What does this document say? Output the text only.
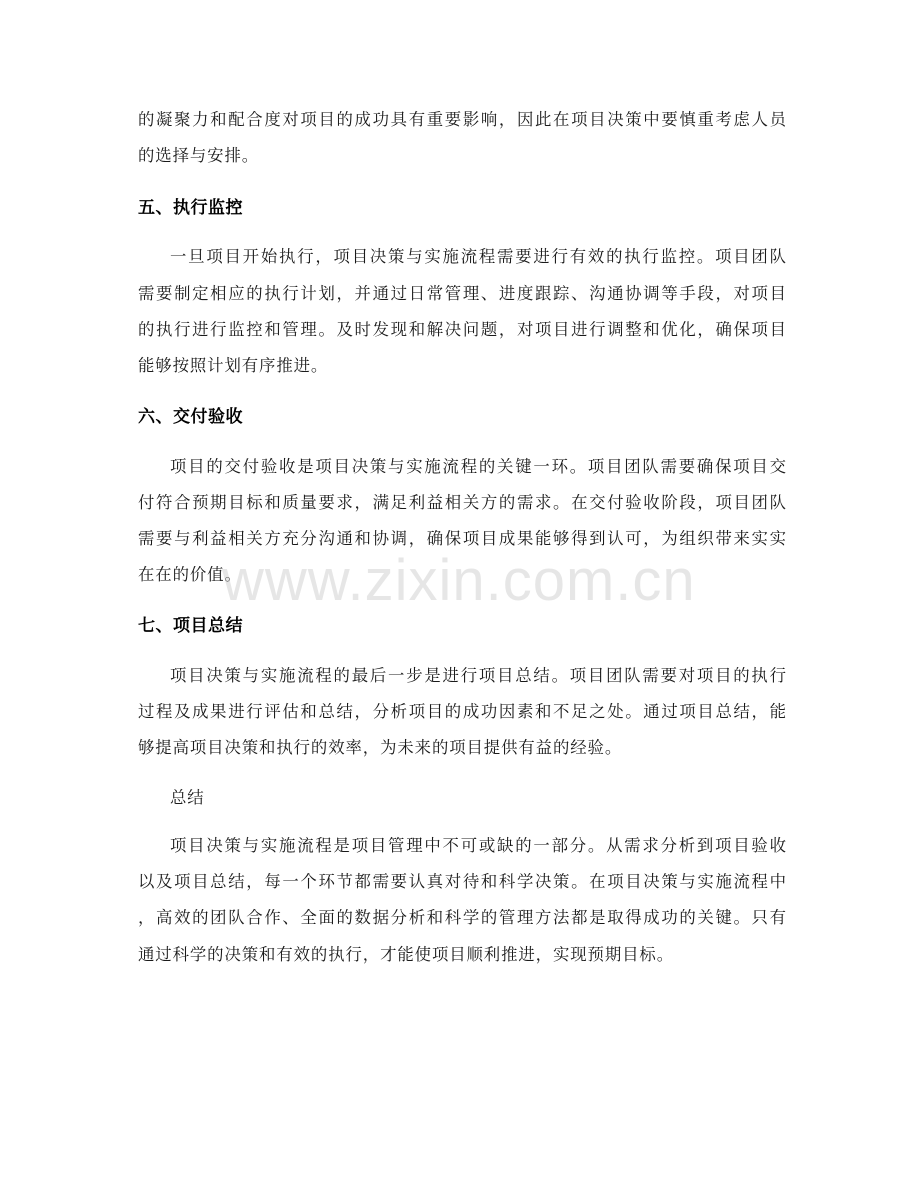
的凝聚力和配合度对项目的成功具有重要影响，因此在项目决策中要慎重考虑人员
的选择与安排。
五、执行监控
一旦项目开始执行，项目决策与实施流程需要进行有效的执行监控。项目团队
需要制定相应的执行计划，并通过日常管理、进度跟踪、沟通协调等手段，对项目
的执行进行监控和管理。及时发现和解决问题，对项目进行调整和优化，确保项目
能够按照计划有序推进。
六、交付验收
项目的交付验收是项目决策与实施流程的关键一环。项目团队需要确保项目交
付符合预期目标和质量要求，满足利益相关方的需求。在交付验收阶段，项目团队
需要与利益相关方充分沟通和协调，确保项目成果能够得到认可，为组织带来实实
在在的价值。
七、项目总结
项目决策与实施流程的最后一步是进行项目总结。项目团队需要对项目的执行
过程及成果进行评估和总结，分析项目的成功因素和不足之处。通过项目总结，能
够提高项目决策和执行的效率，为未来的项目提供有益的经验。
总结
项目决策与实施流程是项目管理中不可或缺的一部分。从需求分析到项目验收
以及项目总结，每一个环节都需要认真对待和科学决策。在项目决策与实施流程中
，高效的团队合作、全面的数据分析和科学的管理方法都是取得成功的关键。只有
通过科学的决策和有效的执行，才能使项目顺利推进，实现预期目标。
www.zixin.com.cn
